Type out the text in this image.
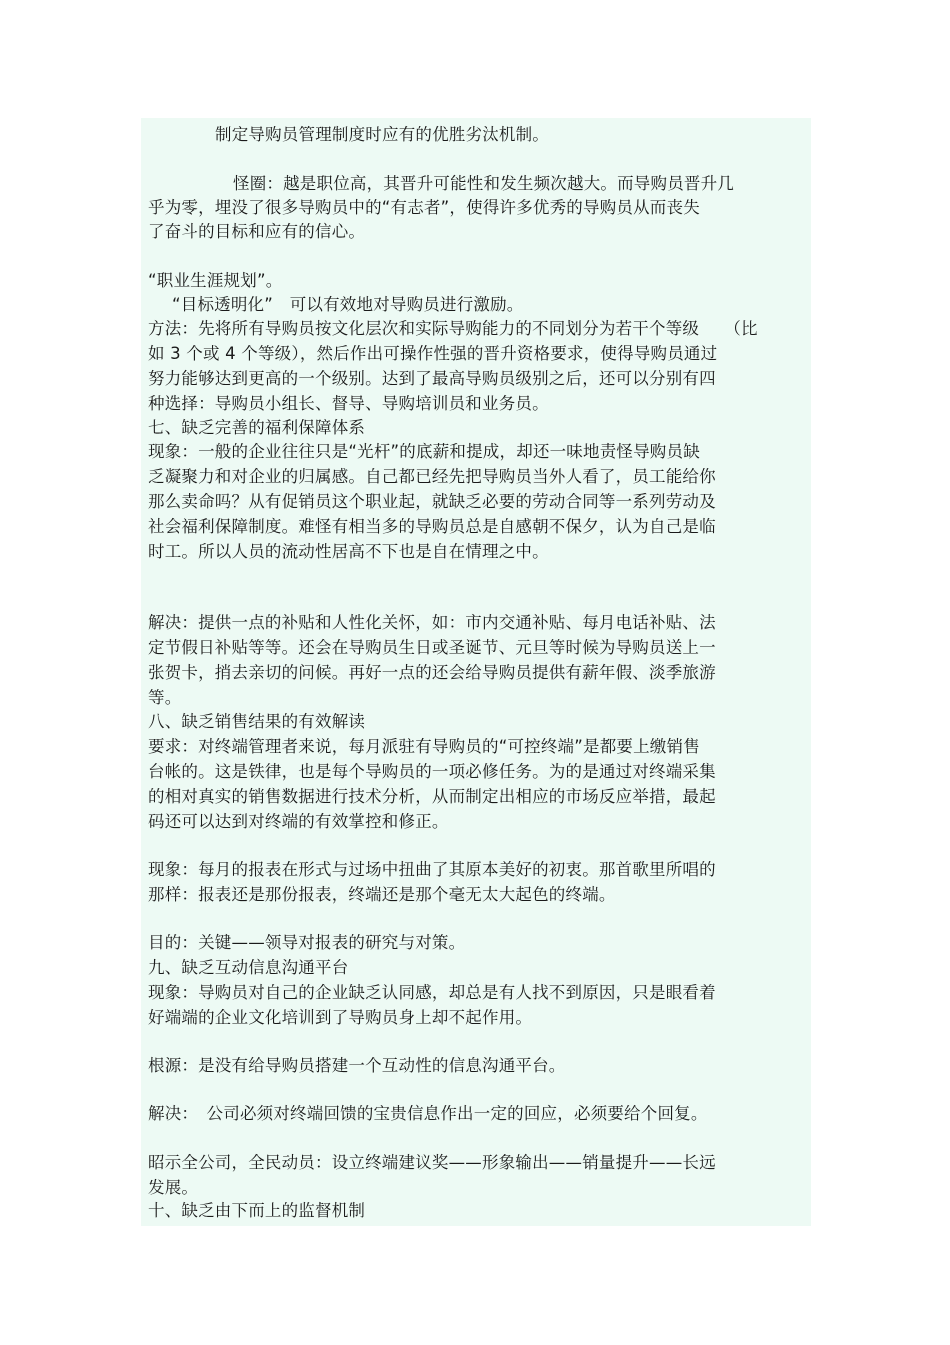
制定导购员管理制度时应有的优胜劣汰机制。
怪圈：越是职位高，其晋升可能性和发生频次越大。而导购员晋升几
乎为零，埋没了很多导购员中的“有志者”，使得许多优秀的导购员从而丧失
了奋斗的目标和应有的信心。
“职业生涯规划”。
“目标透明化”　可以有效地对导购员进行激励。
方法：先将所有导购员按文化层次和实际导购能力的不同划分为若干个等级　　（比
如 3 个或 4 个等级），然后作出可操作性强的晋升资格要求，使得导购员通过
努力能够达到更高的一个级别。达到了最高导购员级别之后，还可以分别有四
种选择：导购员小组长、督导、导购培训员和业务员。
七、缺乏完善的福利保障体系
现象：一般的企业往往只是“光杆”的底薪和提成，却还一味地责怪导购员缺
乏凝聚力和对企业的归属感。自己都已经先把导购员当外人看了，员工能给你
那么卖命吗？从有促销员这个职业起，就缺乏必要的劳动合同等一系列劳动及
社会福利保障制度。难怪有相当多的导购员总是自感朝不保夕，认为自己是临
时工。所以人员的流动性居高不下也是自在情理之中。
解决：提供一点的补贴和人性化关怀，如：市内交通补贴、每月电话补贴、法
定节假日补贴等等。还会在导购员生日或圣诞节、元旦等时候为导购员送上一
张贺卡，捎去亲切的问候。再好一点的还会给导购员提供有薪年假、淡季旅游
等。
八、缺乏销售结果的有效解读
要求：对终端管理者来说，每月派驻有导购员的“可控终端”是都要上缴销售
台帐的。这是铁律，也是每个导购员的一项必修任务。为的是通过对终端采集
的相对真实的销售数据进行技术分析，从而制定出相应的市场反应举措，最起
码还可以达到对终端的有效掌控和修正。
现象：每月的报表在形式与过场中扭曲了其原本美好的初衷。那首歌里所唱的
那样：报表还是那份报表，终端还是那个毫无太大起色的终端。
目的：关键——领导对报表的研究与对策。
九、缺乏互动信息沟通平台
现象：导购员对自己的企业缺乏认同感，却总是有人找不到原因，只是眼看着
好端端的企业文化培训到了导购员身上却不起作用。
根源：是没有给导购员搭建一个互动性的信息沟通平台。
解决：　公司必须对终端回馈的宝贵信息作出一定的回应，必须要给个回复。
昭示全公司，全民动员：设立终端建议奖——形象输出——销量提升——长远
发展。
十、缺乏由下而上的监督机制
